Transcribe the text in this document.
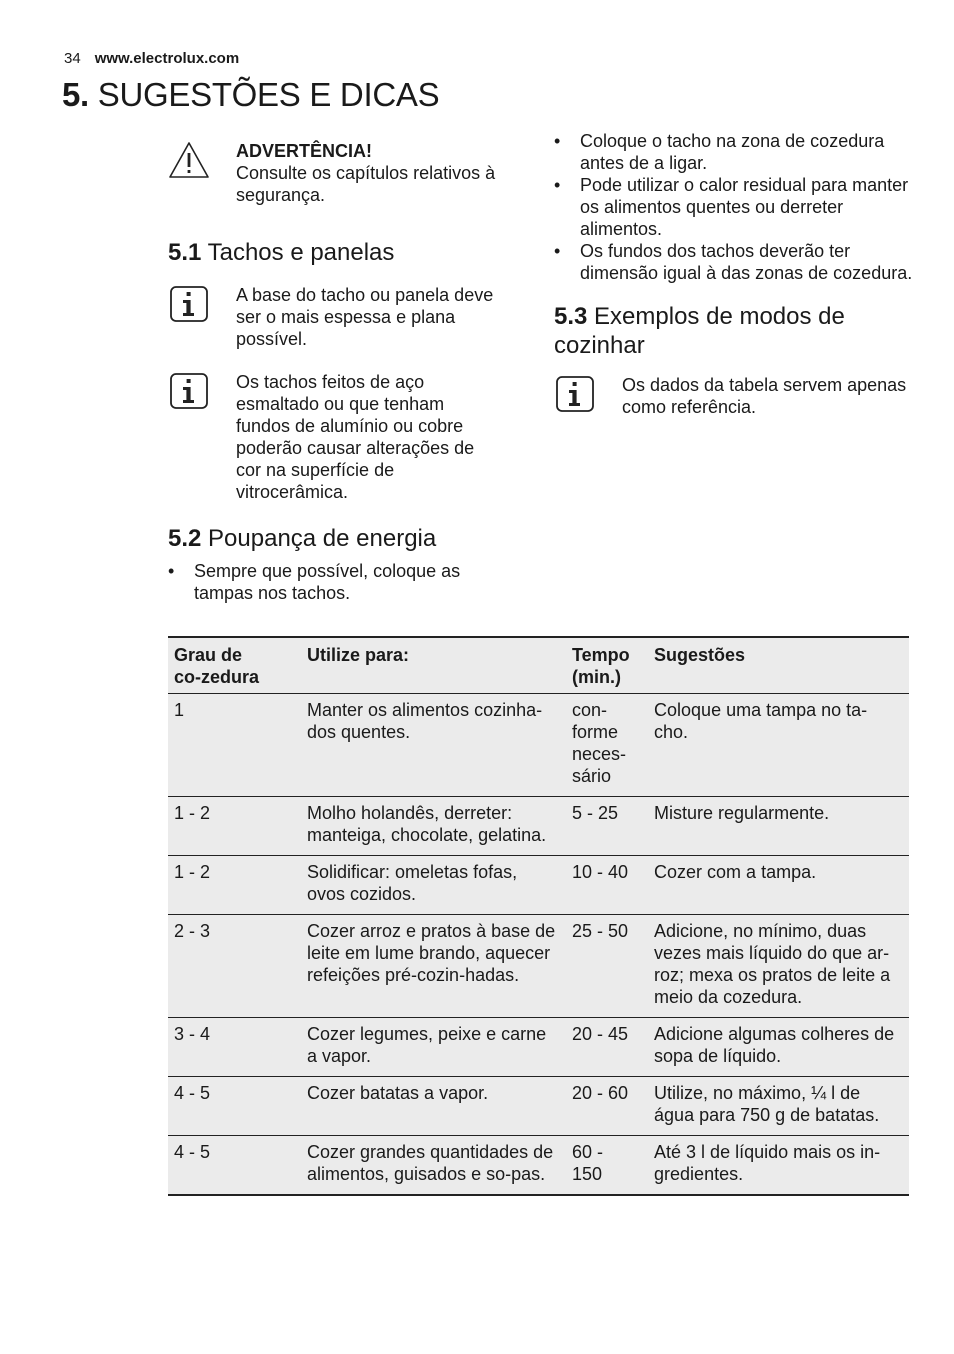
34 www.electrolux.com
5. SUGESTÕES E DICAS
ADVERTÊNCIA!
Consulte os capítulos relativos à segurança.
5.1 Tachos e panelas
A base do tacho ou panela deve ser o mais espessa e plana possível.
Os tachos feitos de aço esmaltado ou que tenham fundos de alumínio ou cobre poderão causar alterações de cor na superfície de vitrocerâmica.
5.2 Poupança de energia
• Sempre que possível, coloque as tampas nos tachos.
• Coloque o tacho na zona de cozedura antes de a ligar.
• Pode utilizar o calor residual para manter os alimentos quentes ou derreter alimentos.
• Os fundos dos tachos deverão ter dimensão igual à das zonas de cozedura.
5.3 Exemplos de modos de cozinhar
Os dados da tabela servem apenas como referência.
Grau de co-zedura	Utilize para:	Tempo (min.)	Sugestões
1	Manter os alimentos cozinha-dos quentes.	con-forme neces-sário	Coloque uma tampa no ta-cho.
1 - 2	Molho holandês, derreter: manteiga, chocolate, gelatina.	5 - 25	Misture regularmente.
1 - 2	Solidificar: omeletas fofas, ovos cozidos.	10 - 40	Cozer com a tampa.
2 - 3	Cozer arroz e pratos à base de leite em lume brando, aquecer refeições pré-cozin-hadas.	25 - 50	Adicione, no mínimo, duas vezes mais líquido do que ar-roz; mexa os pratos de leite a meio da cozedura.
3 - 4	Cozer legumes, peixe e carne a vapor.	20 - 45	Adicione algumas colheres de sopa de líquido.
4 - 5	Cozer batatas a vapor.	20 - 60	Utilize, no máximo, ¼ l de água para 750 g de batatas.
4 - 5	Cozer grandes quantidades de alimentos, guisados e so-pas.	60 - 150	Até 3 l de líquido mais os in-gredientes.
